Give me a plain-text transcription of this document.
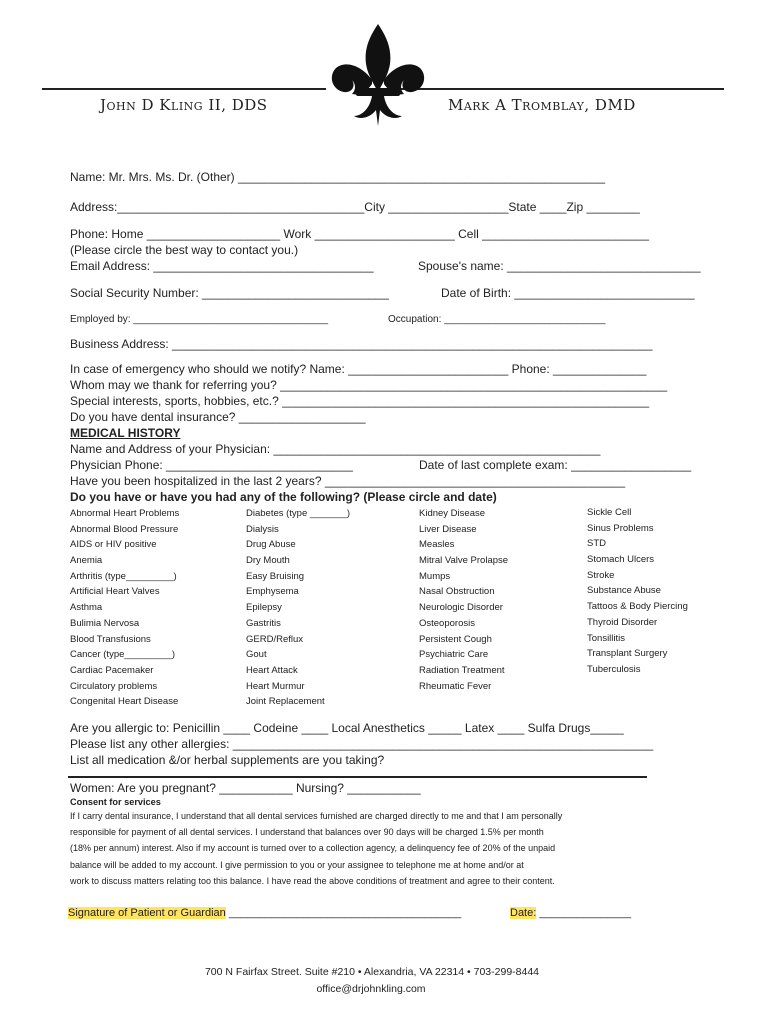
John D Kling II, DDS	Mark A Tromblay, DMD
Name: Mr. Mrs. Ms. Dr. (Other) _______________________________________________________
Address:_____________________________________City __________________State ____Zip ________
Phone: Home ____________________ Work _____________________ Cell _________________________
(Please circle the best way to contact you.)
Email Address: _________________________________	Spouse's name: _____________________________
Social Security Number: ____________________________	Date of Birth: ___________________________
Employed by: ___________________________________	Occupation: _____________________________
Business Address: ________________________________________________________________________
In case of emergency who should we notify? Name: ________________________ Phone: ______________
Whom may we thank for referring you? __________________________________________________________
Special interests, sports, hobbies, etc.? _______________________________________________________
Do you have dental insurance? ___________________
MEDICAL HISTORY
Name and Address of your Physician: _________________________________________________
Physician Phone: ____________________________	Date of last complete exam: __________________
Have you been hospitalized in the last 2 years? _____________________________________________
Do you have or have you had any of the following? (Please circle and date)
Abnormal Heart Problems
Abnormal Blood Pressure
AIDS or HIV positive
Anemia
Arthritis (type_________)
Artificial Heart Valves
Asthma
Bulimia Nervosa
Blood Transfusions
Cancer (type_________)
Cardiac Pacemaker
Circulatory problems
Congenital Heart Disease
Diabetes (type _______)
Dialysis
Drug Abuse
Dry Mouth
Easy Bruising
Emphysema
Epilepsy
Gastritis
GERD/Reflux
Gout
Heart Attack
Heart Murmur
Joint Replacement
Kidney Disease
Liver Disease
Measles
Mitral Valve Prolapse
Mumps
Nasal Obstruction
Neurologic Disorder
Osteoporosis
Persistent Cough
Psychiatric Care
Radiation Treatment
Rheumatic Fever
Sickle Cell
Sinus Problems
STD
Stomach Ulcers
Stroke
Substance Abuse
Tattoos & Body Piercing
Thyroid Disorder
Tonsillitis
Transplant Surgery
Tuberculosis
Are you allergic to: Penicillin ____ Codeine ____ Local Anesthetics _____ Latex ____ Sulfa Drugs_____
Please list any other allergies: _______________________________________________________________
List all medication &/or herbal supplements are you taking?
Women: Are you pregnant? ___________ Nursing? ___________
Consent for services
If I carry dental insurance, I understand that all dental services furnished are charged directly to me and that I am personally
responsible for payment of all dental services. I understand that balances over 90 days will be charged 1.5% per month
(18% per annum) interest. Also if my account is turned over to a collection agency, a delinquency fee of 20% of the unpaid
balance will be added to my account. I give permission to you or your assignee to telephone me at home and/or at
work to discuss matters relating too this balance. I have read the above conditions of treatment and agree to their content.
Signature of Patient or Guardian ______________________________________	Date: _______________
700 N Fairfax Street. Suite #210 • Alexandria, VA 22314 • 703-299-8444
office@drjohnkling.com
